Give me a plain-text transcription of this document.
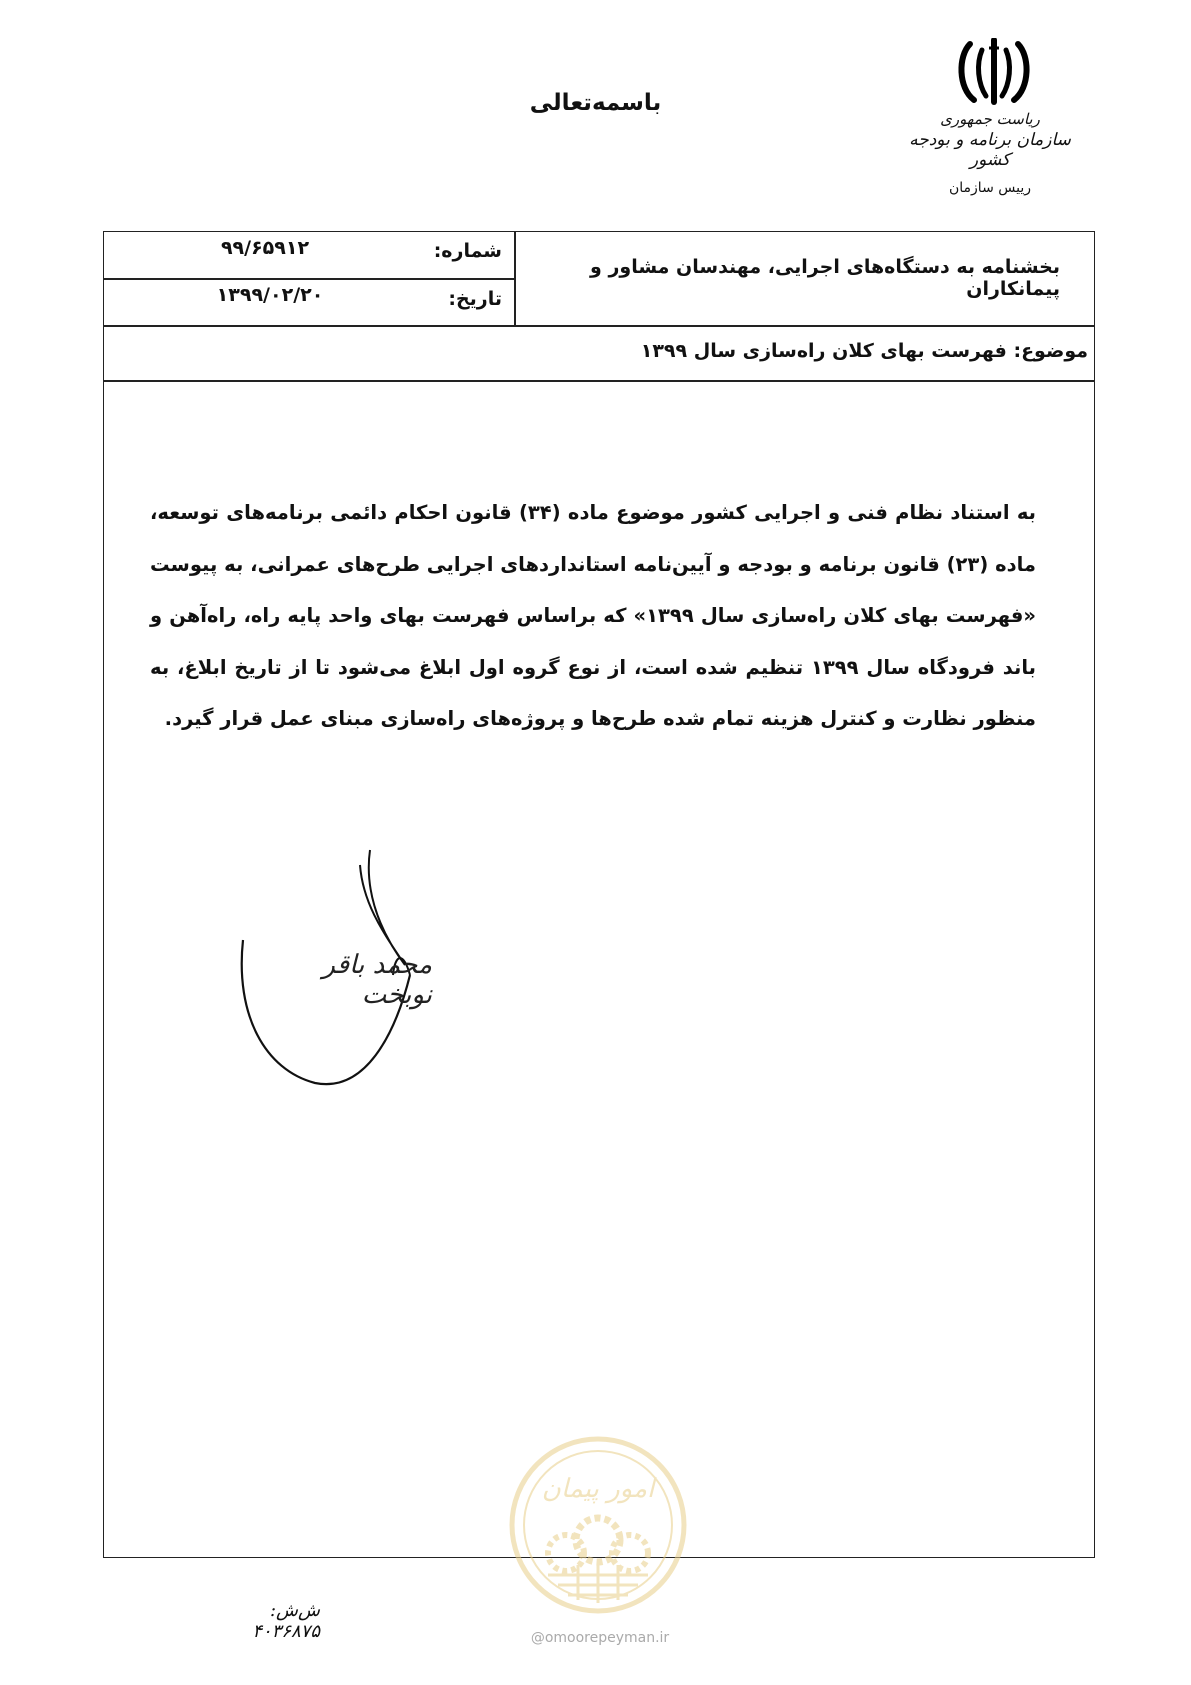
باسمه‌تعالی
ریاست جمهوری
سازمان برنامه و بودجه کشور
رییس سازمان
بخشنامه به دستگاه‌های اجرایی، مهندسان مشاور و پیمانکاران
شماره:
۹۹/۶۵۹۱۲
تاریخ:
۱۳۹۹/۰۲/۲۰
موضوع: فهرست بهای کلان راه‌سازی سال ۱۳۹۹
به استناد نظام فنی و اجرایی کشور موضوع ماده (۳۴) قانون احکام دائمی برنامه‌های توسعه، ماده (۲۳) قانون برنامه و بودجه و آیین‌نامه استانداردهای اجرایی طرح‌های عمرانی، به پیوست «فهرست بهای کلان راه‌سازی سال ۱۳۹۹» که براساس فهرست بهای واحد پایه راه، راه‌آهن و باند فرودگاه سال ۱۳۹۹ تنظیم شده است، از نوع گروه اول ابلاغ می‌شود تا از تاریخ ابلاغ، به منظور نظارت و کنترل هزینه تمام شده طرح‌ها و پروژه‌های راه‌سازی مبنای عمل قرار گیرد.
محمد باقر نوبخت
امور پیمان
@omoorepeyman.ir
ش‌ش: ۴۰۳۶۸۷۵
